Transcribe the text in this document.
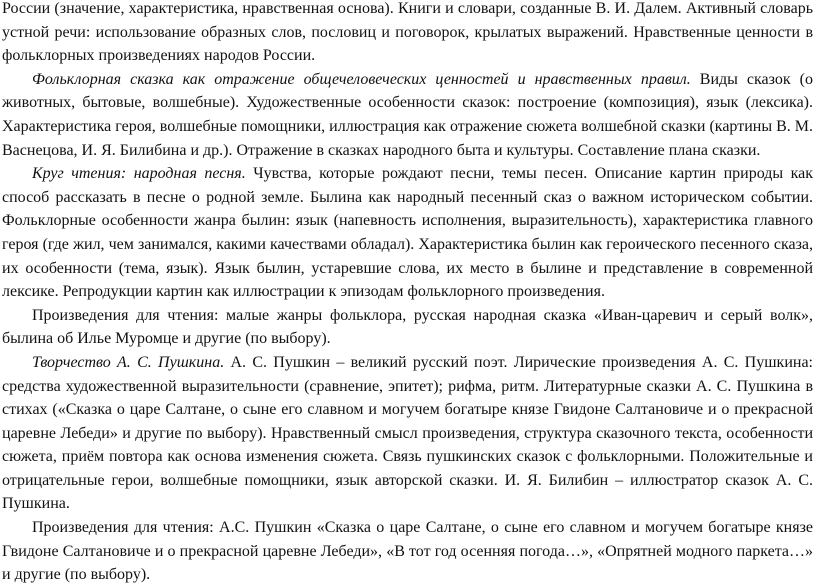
России (значение, характеристика, нравственная основа). Книги и словари, созданные В. И. Далем. Активный словарь устной речи: использование образных слов, пословиц и поговорок, крылатых выражений. Нравственные ценности в фольклорных произведениях народов России.

Фольклорная сказка как отражение общечеловеческих ценностей и нравственных правил. Виды сказок (о животных, бытовые, волшебные). Художественные особенности сказок: построение (композиция), язык (лексика). Характеристика героя, волшебные помощники, иллюстрация как отражение сюжета волшебной сказки (картины В. М. Васнецова, И. Я. Билибина и др.). Отражение в сказках народного быта и культуры. Составление плана сказки.

Круг чтения: народная песня. Чувства, которые рождают песни, темы песен. Описание картин природы как способ рассказать в песне о родной земле. Былина как народный песенный сказ о важном историческом событии. Фольклорные особенности жанра былин: язык (напевность исполнения, выразительность), характеристика главного героя (где жил, чем занимался, какими качествами обладал). Характеристика былин как героического песенного сказа, их особенности (тема, язык). Язык былин, устаревшие слова, их место в былине и представление в современной лексике. Репродукции картин как иллюстрации к эпизодам фольклорного произведения.

Произведения для чтения: малые жанры фольклора, русская народная сказка «Иван-царевич и серый волк», былина об Илье Муромце и другие (по выбору).

Творчество А. С. Пушкина. А. С. Пушкин – великий русский поэт. Лирические произведения А. С. Пушкина: средства художественной выразительности (сравнение, эпитет); рифма, ритм. Литературные сказки А. С. Пушкина в стихах («Сказка о царе Салтане, о сыне его славном и могучем богатыре князе Гвидоне Салтановиче и о прекрасной царевне Лебеди» и другие по выбору). Нравственный смысл произведения, структура сказочного текста, особенности сюжета, приём повтора как основа изменения сюжета. Связь пушкинских сказок с фольклорными. Положительные и отрицательные герои, волшебные помощники, язык авторской сказки. И. Я. Билибин – иллюстратор сказок А. С. Пушкина.

Произведения для чтения: А.С. Пушкин «Сказка о царе Салтане, о сыне его славном и могучем богатыре князе Гвидоне Салтановиче и о прекрасной царевне Лебеди», «В тот год осенняя погода…», «Опрятней модного паркета…» и другие (по выбору).
